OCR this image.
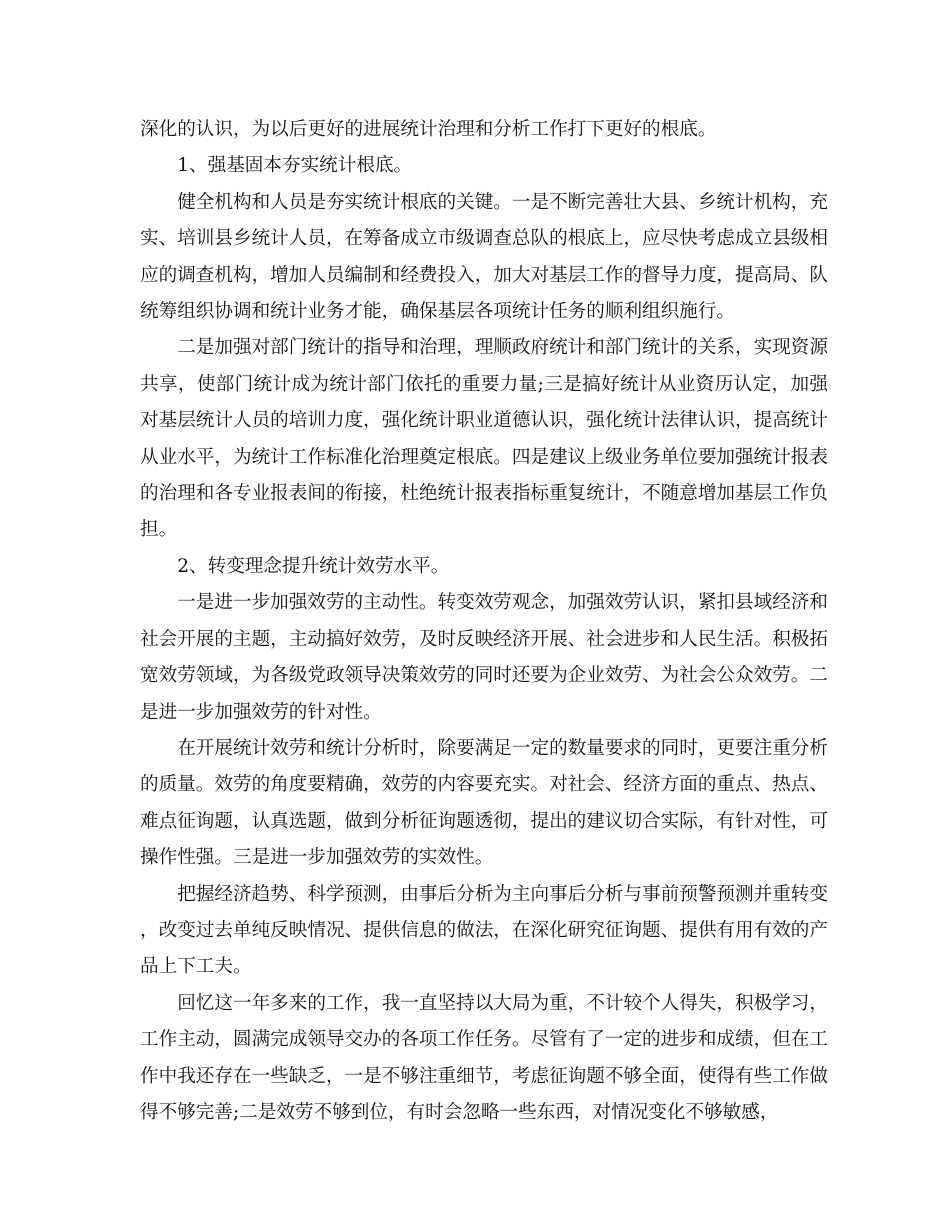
深化的认识，为以后更好的进展统计治理和分析工作打下更好的根底。

1、强基固本夯实统计根底。

健全机构和人员是夯实统计根底的关键。一是不断完善壮大县、乡统计机构，充实、培训县乡统计人员，在筹备成立市级调查总队的根底上，应尽快考虑成立县级相应的调查机构，增加人员编制和经费投入，加大对基层工作的督导力度，提高局、队统筹组织协调和统计业务才能，确保基层各项统计任务的顺利组织施行。

二是加强对部门统计的指导和治理，理顺政府统计和部门统计的关系，实现资源共享，使部门统计成为统计部门依托的重要力量;三是搞好统计从业资历认定，加强对基层统计人员的培训力度，强化统计职业道德认识，强化统计法律认识，提高统计从业水平，为统计工作标准化治理奠定根底。四是建议上级业务单位要加强统计报表的治理和各专业报表间的衔接，杜绝统计报表指标重复统计，不随意增加基层工作负担。

2、转变理念提升统计效劳水平。

一是进一步加强效劳的主动性。转变效劳观念，加强效劳认识，紧扣县域经济和社会开展的主题，主动搞好效劳，及时反映经济开展、社会进步和人民生活。积极拓宽效劳领域，为各级党政领导决策效劳的同时还要为企业效劳、为社会公众效劳。二是进一步加强效劳的针对性。

在开展统计效劳和统计分析时，除要满足一定的数量要求的同时，更要注重分析的质量。效劳的角度要精确，效劳的内容要充实。对社会、经济方面的重点、热点、难点征询题，认真选题，做到分析征询题透彻，提出的建议切合实际，有针对性，可操作性强。三是进一步加强效劳的实效性。

把握经济趋势、科学预测，由事后分析为主向事后分析与事前预警预测并重转变，改变过去单纯反映情况、提供信息的做法，在深化研究征询题、提供有用有效的产品上下工夫。

回忆这一年多来的工作，我一直坚持以大局为重，不计较个人得失，积极学习，工作主动，圆满完成领导交办的各项工作任务。尽管有了一定的进步和成绩，但在工作中我还存在一些缺乏，一是不够注重细节，考虑征询题不够全面，使得有些工作做得不够完善;二是效劳不够到位，有时会忽略一些东西，对情况变化不够敏感，
